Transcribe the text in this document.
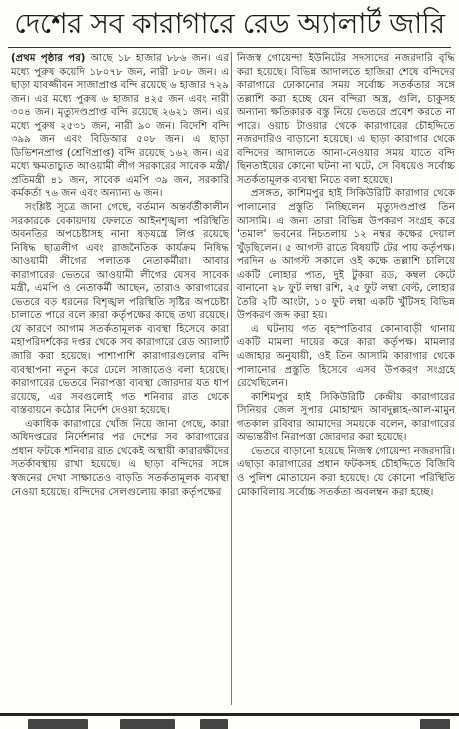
দেশের সব কারাগারে রেড অ্যালার্ট জারি

(প্রথম পৃষ্ঠার পর) আছে ১৮ হাজার ৮৮৬ জন। এর মধ্যে পুরুষ কয়েদি ১৮০৭৮ জন, নারী ৮০৮ জন। এ ছাড়া যাবজ্জীবন সাজাপ্রাপ্ত বন্দি রয়েছে ৬ হাজার ৭২৯ জন। এর মধ্যে পুরুষ ৬ হাজার ৪২৫ জন এবং নারী ৩০৪ জন। মৃত্যুদণ্ডপ্রাপ্ত বন্দি রয়েছে ২৬২১ জন। এর মধ্যে পুরুষ ২৫৩১ জন, নারী ৯০ জন। বিদেশি বন্দি ৩৯৯ জন এবং বিডিআর ৫০৮ জন। এ ছাড়া ডিভিশনপ্রাপ্ত (শ্রেণিপ্রাপ্ত) বন্দি রয়েছে ১৬২ জন। এর মধ্যে ক্ষমতাচ্যুত আওয়ামী লীগ সরকারের সাবেক মন্ত্রী/প্রতিমন্ত্রী ৪১ জন, সাবেক এমপি ৩৯ জন, সরকারি কর্মকর্তা ৭৬ জন এবং অন্যান্য ৬ জন।

সংশ্লিষ্ট সূত্রে জানা গেছে, বর্তমান অন্তর্বর্তীকালীন সরকারকে বেকায়দায় ফেলতে আইনশৃঙ্খলা পরিস্থিতি অবনতির অপচেষ্টাসহ নানা ষড়যন্ত্রে লিপ্ত রয়েছে নিষিদ্ধ ছাত্রলীগ এবং রাজনৈতিক কার্যক্রম নিষিদ্ধ আওয়ামী লীগের পলাতক নেতাকর্মীরা। আবার কারাগারের ভেতরে আওয়ামী লীগের যেসব সাবেক মন্ত্রী, এমপি ও নেতাকর্মী আছেন, তারাও কারাগারের ভেতরে বড় ধরনের বিশৃঙ্খল পরিস্থিতি সৃষ্টির অপচেষ্টা চালাতে পারে বলে কারা কর্তৃপক্ষের কাছে তথ্য রয়েছে। যে কারণে আগাম সতর্কতামূলক ব্যবস্থা হিসেবে কারা মহাপরিদর্শকের দপ্তর থেকে সব কারাগারে রেড অ্যালার্ট জারি করা হয়েছে। পাশাপাশি কারাগারগুলোর বন্দি ব্যবস্থাপনা নতুন করে ঢেলে সাজাতেও বলা হয়েছে। কারাগারের ভেতরে নিরাপত্তা ব্যবস্থা জোরদার যত ধাপ রয়েছে, এর সবগুলোই গত শনিবার রাত থেকে বাস্তবায়নে কঠোর নির্দেশ দেওয়া হয়েছে।

একাধিক কারাগারে খোঁজ নিয়ে জানা গেছে, কারা অধিদপ্তরের নির্দেশনার পর দেশের সব কারাগারের প্রধান ফটকে শনিবার রাত থেকেই অস্থায়ী কারারক্ষীদের সতর্কাবস্থায় রাখা হয়েছে। এ ছাড়া বন্দিদের সঙ্গে স্বজনের দেখা সাক্ষাতেও বাড়তি সতর্কতামূলক ব্যবস্থা নেওয়া হয়েছে। বন্দিদের সেলগুলোয় কারা কর্তৃপক্ষের

নিজস্ব গোয়েন্দা ইউনিটের সদস্যদের নজরদারি বৃদ্ধি করা হয়েছে। বিভিন্ন আদালতে হাজিরা শেষে বন্দিদের কারাগারে ঢোকানোর সময় সর্বোচ্চ সতর্কতার সঙ্গে তল্লাশি করা হচ্ছে যেন বন্দিরা অস্ত্র, গুলি, চাকুসহ অন্যান্য ক্ষতিকারক বস্তু নিয়ে ভেতরে প্রবেশ করতে না পারে। ওয়াচ টাওয়ার থেকে কারাগারের চৌহদ্দিতে নজরদারিও বাড়ানো হয়েছে। এ ছাড়া কারাগার থেকে বন্দিদের আদালতে আনা-নেওয়ার সময় যাতে বন্দি ছিনতাইয়ের কোনো ঘটনা না ঘটে, সে বিষয়েও সর্বোচ্চ সতর্কতামূলক ব্যবস্থা নিতে বলা হয়েছে।

প্রসঙ্গত, কাশিমপুর হাই সিকিউরিটি কারাগার থেকে পালানোর প্রস্তুতি নিচ্ছিলেন মৃত্যুদণ্ডপ্রাপ্ত তিন আসামি। এ জন্য তারা বিভিন্ন উপকরণ সংগ্রহ করে 'তমাল' ভবনের নিচতলায় ১২ নম্বর কক্ষের দেয়াল খুঁড়ছিলেন। ৫ আগস্ট রাতে বিষয়টি টের পায় কর্তৃপক্ষ। পরদিন ৬ আগস্ট সকালে ওই কক্ষে তল্লাশি চালিয়ে একটি লোহার পাত, দুই টুকরা রড, কম্বল কেটে বানানো ২৮ ফুট লম্বা রশি, ২৫ ফুট লম্বা বেল্ট, লোহার তৈরি ২টি আংটা, ১০ ফুট লম্বা একটি খুঁটিসহ বিভিন্ন উপকরণ জব্দ করা হয়।

এ ঘটনায় গত বৃহস্পতিবার কোনাবাড়ী থানায় একটি মামলা দায়ের করে কারা কর্তৃপক্ষ। মামলার এজাহার অনুযায়ী, ওই তিন আসামি কারাগার থেকে পালানোর প্রস্তুতি হিসেবে এসব উপকরণ সংগ্রহে রেখেছিলেন।

কাশিমপুর হাই সিকিউরিটি কেন্দ্রীয় কারাগারের সিনিয়র জেল সুপার মোহাম্মদ আবদুল্লাহ-আল-মামুন গতকাল রবিবার আমাদের সময়কে বলেন, কারাগারের অভ্যন্তরীণ নিরাপত্তা জোরদার করা হয়েছে।

ভেতরে বাড়ানো হয়েছে নিজস্ব গোয়েন্দা নজরদারি। এছাড়া কারাগারের প্রধান ফটকসহ চৌহদ্দিতে বিজিবি ও পুলিশ মোতায়েন করা হয়েছে। যে কোনো পরিস্থিতি মোকাবিলায় সর্বোচ্চ সতর্কতা অবলম্বন করা হচ্ছে।
